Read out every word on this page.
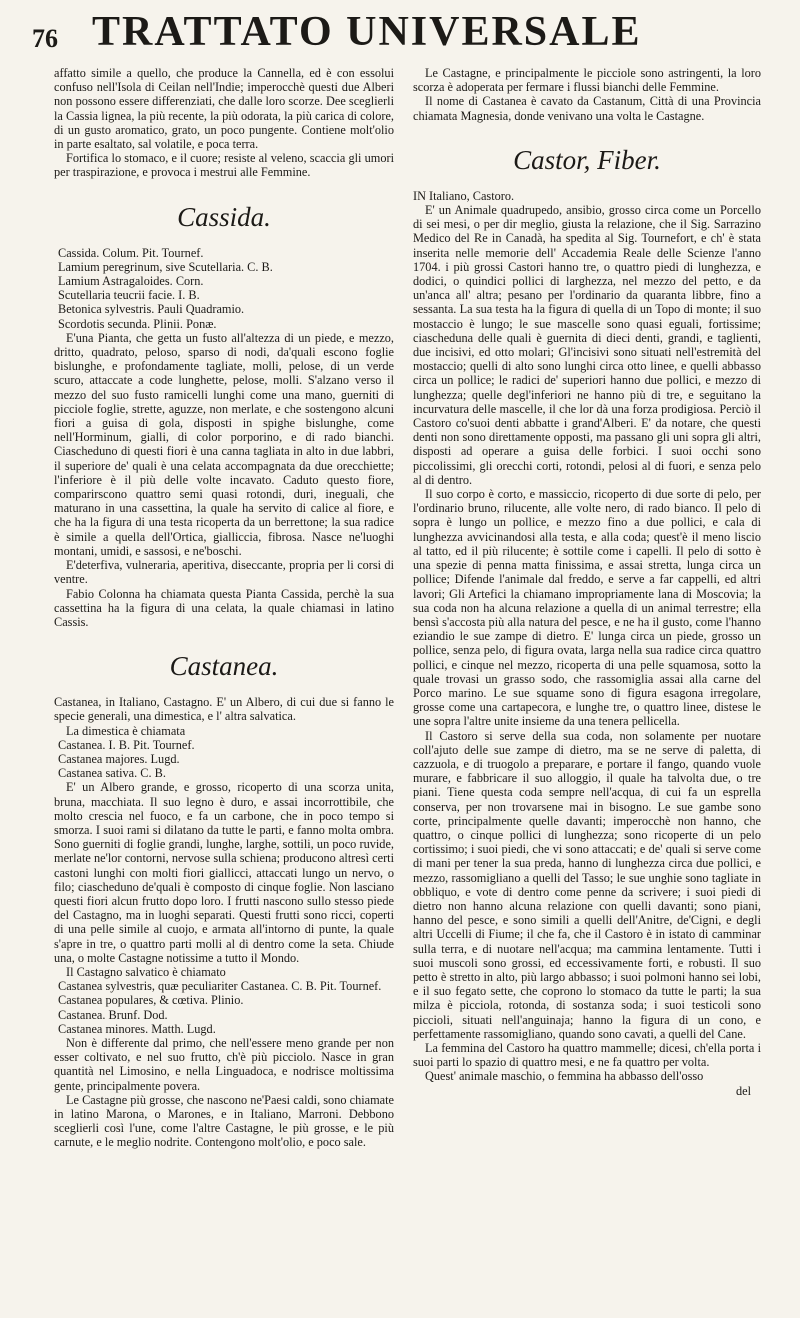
76 TRATTATO UNIVERSALE

affatto simile a quello, che produce la Cannella, ed è con essolui confuso nell'Isola di Ceilan nell'Indie; imperocchè questi due Alberi non possono essere differenziati, che dalle loro scorze. Dee sceglierli la Cassia lignea, la più recente, la più odorata, la più carica di colore, di un gusto aromatico, grato, un poco pungente. Contiene molt'olio in parte esaltato, sal volatile, e poca terra.

Fortifica lo stomaco, e il cuore; resiste al veleno, scaccia gli umori per traspirazione, e provoca i mestrui alle Femmine.

Cassida.

Cassida. Colum. Pit. Tournef.

Lamium peregrinum, sive Scutellaria. C. B.

Lamium Astragaloides. Corn.

Scutellaria teucrii facie. I. B.

Betonica sylvestris. Pauli Quadramio.

Scordotis secunda. Plinii. Ponæ.

E'una Pianta, che getta un fusto all'altezza di un piede, e mezzo, dritto, quadrato, peloso, sparso di nodi, da'quali escono foglie bislunghe, e profondamente tagliate, molli, pelose, di un verde scuro, attaccate a code lunghette, pelose, molli. S'alzano verso il mezzo del suo fusto ramicelli lunghi come una mano, guerniti di picciole foglie, strette, aguzze, non merlate, e che sostengono alcuni fiori a guisa di gola, disposti in spighe bislunghe, come nell'Horminum, gialli, di color porporino, e di rado bianchi. Ciascheduno di questi fiori è una canna tagliata in alto in due labbri, il superiore de' quali è una celata accompagnata da due orecchiette; l'inferiore è il più delle volte incavato. Caduto questo fiore, comparirscono quattro semi quasi rotondi, duri, ineguali, che maturano in una cassettina, la quale ha servito di calice al fiore, e che ha la figura di una testa ricoperta da un berrettone; la sua radice è simile a quella dell'Ortica, gialliccia, fibrosa. Nasce ne'luoghi montani, umidi, e sassosi, e ne'boschi.

E'deterfiva, vulneraria, aperitiva, diseccante, propria per li corsi di ventre.

Fabio Colonna ha chiamata questa Pianta Cassida, perchè la sua cassettina ha la figura di una celata, la quale chiamasi in latino Cassis.

Castanea.

Castanea, in Italiano, Castagno. E' un Albero, di cui due si fanno le specie generali, una dimestica, e l' altra salvatica.

La dimestica è chiamata

Castanea. I. B. Pit. Tournef.

Castanea majores. Lugd.

Castanea sativa. C. B.

E' un Albero grande, e grosso, ricoperto di una scorza unita, bruna, macchiata. Il suo legno è duro, e assai incorrottibile, che molto crescia nel fuoco, e fa un carbone, che in poco tempo si smorza. I suoi rami si dilatano da tutte le parti, e fanno molta ombra. Sono guerniti di foglie grandi, lunghe, larghe, sottili, un poco ruvide, merlate ne'lor contorni, nervose sulla schiena; producono altresì certi castoni lunghi con molti fiori giallicci, attaccati lungo un nervo, o filo; ciascheduno de'quali è composto di cinque foglie. Non lasciano questi fiori alcun frutto dopo loro. I frutti nascono sullo stesso piede del Castagno, ma in luoghi separati. Questi frutti sono ricci, coperti di una pelle simile al cuojo, e armata all'intorno di punte, la quale s'apre in tre, o quattro parti molli al di dentro come la seta. Chiude una, o molte Castagne notissime a tutto il Mondo.

Il Castagno salvatico è chiamato

Castanea sylvestris, quæ peculiariter Castanea. C. B. Pit. Tournef.

Castanea populares, & cœtiva. Plinio.

Castanea. Brunf. Dod.

Castanea minores. Matth. Lugd.

Non è differente dal primo, che nell'essere meno grande per non esser coltivato, e nel suo frutto, ch'è più picciolo. Nasce in gran quantità nel Limosino, e nella Linguadoca, e nodrisce moltissima gente, principalmente povera.

Le Castagne più grosse, che nascono ne'Paesi caldi, sono chiamate in latino Marona, o Marones, e in Italiano, Marroni. Debbono sceglierli così l'une, come l'altre Castagne, le più grosse, e le più carnute, e le meglio nodrite. Contengono molt'olio, e poco sale.

Le Castagne, e principalmente le picciole sono astringenti, la loro scorza è adoperata per fermare i flussi bianchi delle Femmine.

Il nome di Castanea è cavato da Castanum, Città di una Provincia chiamata Magnesia, donde venivano una volta le Castagne.

Castor, Fiber.

IN Italiano, Castoro.

E' un Animale quadrupedo, ansibio, grosso circa come un Porcello di sei mesi, o per dir meglio, giusta la relazione, che il Sig. Sarrazino Medico del Re in Canadà, ha spedita al Sig. Tournefort, e ch' è stata inserita nelle memorie dell' Accademia Reale delle Scienze l'anno 1704. i più grossi Castori hanno tre, o quattro piedi di lunghezza, e dodici, o quindici pollici di larghezza, nel mezzo del petto, e da un'anca all' altra; pesano per l'ordinario da quaranta libbre, fino a sessanta. La sua testa ha la figura di quella di un Topo di monte; il suo mostaccio è lungo; le sue mascelle sono quasi eguali, fortissime; ciascheduna delle quali è guernita di dieci denti, grandi, e taglienti, due incisivi, ed otto molari; Gl'incisivi sono situati nell'estremità del mostaccio; quelli di alto sono lunghi circa otto linee, e quelli abbasso circa un pollice; le radici de' superiori hanno due pollici, e mezzo di lunghezza; quelle degl'inferiori ne hanno più di tre, e seguitano la incurvatura delle mascelle, il che lor dà una forza prodigiosa. Perciò il Castoro co'suoi denti abbatte i grand'Alberi. E' da notare, che questi denti non sono direttamente opposti, ma passano gli uni sopra gli altri, disposti ad operare a guisa delle forbici. I suoi occhi sono piccolissimi, gli orecchi corti, rotondi, pelosi al di fuori, e senza pelo al di dentro.

Il suo corpo è corto, e massiccio, ricoperto di due sorte di pelo, per l'ordinario bruno, rilucente, alle volte nero, di rado bianco. Il pelo di sopra è lungo un pollice, e mezzo fino a due pollici, e cala di lunghezza avvicinandosi alla testa, e alla coda; quest'è il meno liscio al tatto, ed il più rilucente; è sottile come i capelli. Il pelo di sotto è una spezie di penna matta finissima, e assai stretta, lunga circa un pollice; Difende l'animale dal freddo, e serve a far cappelli, ed altri lavori; Gli Artefici la chiamano impropriamente lana di Moscovia; la sua coda non ha alcuna relazione a quella di un animal terrestre; ella bensì s'accosta più alla natura del pesce, e ne ha il gusto, come l'hanno eziandio le sue zampe di dietro. E' lunga circa un piede, grosso un pollice, senza pelo, di figura ovata, larga nella sua radice circa quattro pollici, e cinque nel mezzo, ricoperta di una pelle squamosa, sotto la quale trovasi un grasso sodo, che rassomiglia assai alla carne del Porco marino. Le sue squame sono di figura esagona irregolare, grosse come una cartapecora, e lunghe tre, o quattro linee, distese le une sopra l'altre unite insieme da una tenera pellicella.

Il Castoro si serve della sua coda, non solamente per nuotare coll'ajuto delle sue zampe di dietro, ma se ne serve di paletta, di cazzuola, e di truogolo a preparare, e portare il fango, quando vuole murare, e fabbricare il suo alloggio, il quale ha talvolta due, o tre piani. Tiene questa coda sempre nell'acqua, di cui fa un esprella conserva, per non trovarsene mai in bisogno. Le sue gambe sono corte, principalmente quelle davanti; imperocchè non hanno, che quattro, o cinque pollici di lunghezza; sono ricoperte di un pelo cortissimo; i suoi piedi, che vi sono attaccati; e de' quali si serve come di mani per tener la sua preda, hanno di lunghezza circa due pollici, e mezzo, rassomigliano a quelli del Tasso; le sue unghie sono tagliate in obbliquo, e vote di dentro come penne da scrivere; i suoi piedi di dietro non hanno alcuna relazione con quelli davanti; sono piani, hanno del pesce, e sono simili a quelli dell'Anitre, de'Cigni, e degli altri Uccelli di Fiume; il che fa, che il Castoro è in istato di camminar sulla terra, e di nuotare nell'acqua; ma cammina lentamente. Tutti i suoi muscoli sono grossi, ed eccessivamente forti, e robusti. Il suo petto è stretto in alto, più largo abbasso; i suoi polmoni hanno sei lobi, e il suo fegato sette, che coprono lo stomaco da tutte le parti; la sua milza è picciola, rotonda, di sostanza soda; i suoi testicoli sono piccioli, situati nell'anguinaja; hanno la figura di un cono, e perfettamente rassomigliano, quando sono cavati, a quelli del Cane.

La femmina del Castoro ha quattro mammelle; dicesi, ch'ella porta i suoi parti lo spazio di quattro mesi, e ne fa quattro per volta.

Quest' animale maschio, o femmina ha abbasso dell'osso

del
